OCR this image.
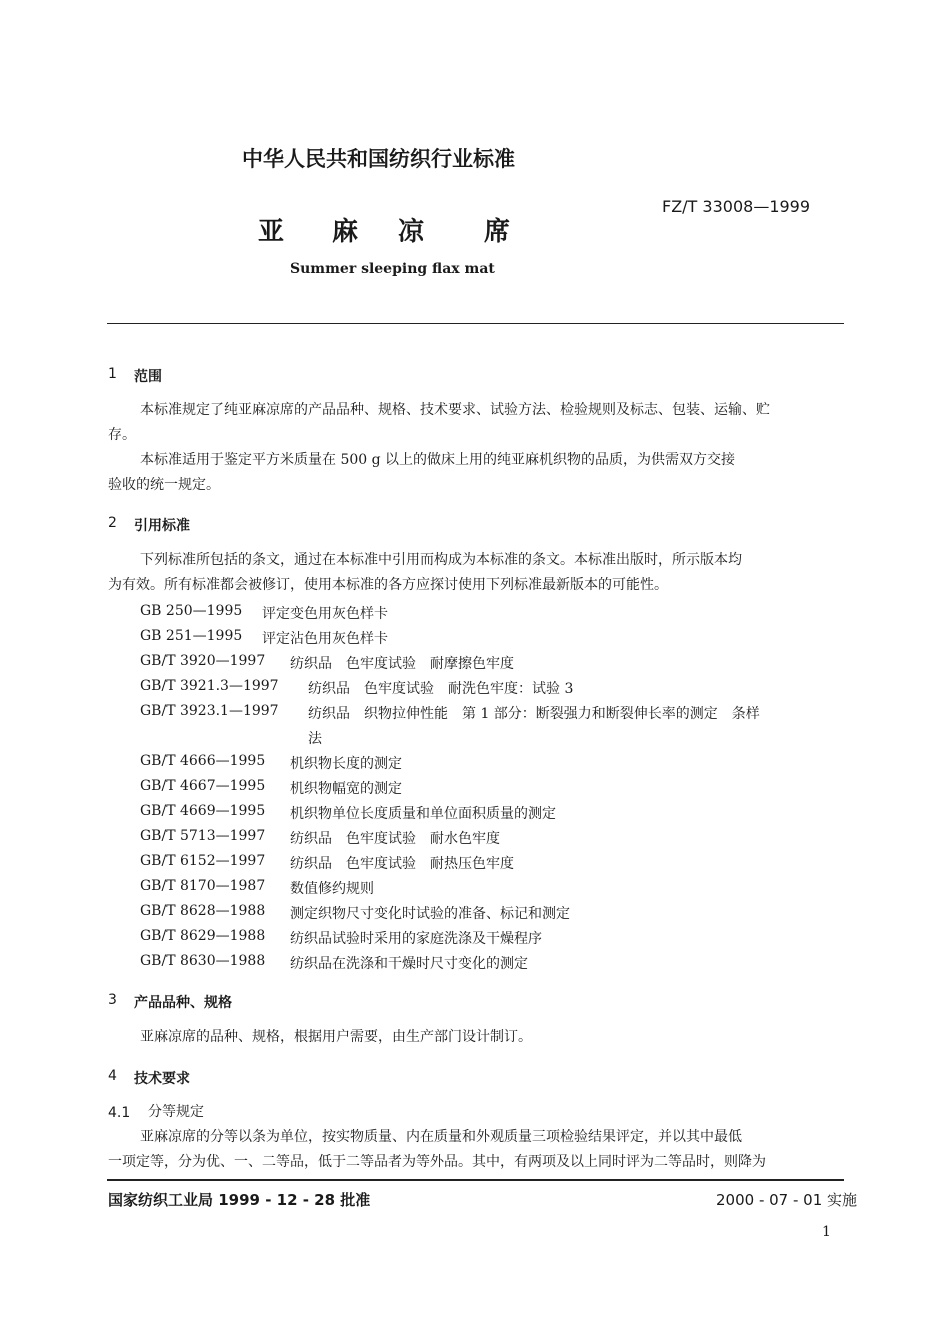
中华人民共和国纺织行业标准
FZ/T 33008—1999
亚 麻 凉 席
Summer sleeping flax mat
1 范围
本标准规定了纯亚麻凉席的产品品种、规格、技术要求、试验方法、检验规则及标志、包装、运输、贮
存。
本标准适用于鉴定平方米质量在 500 g 以上的做床上用的纯亚麻机织物的品质，为供需双方交接
验收的统一规定。
2 引用标准
下列标准所包括的条文，通过在本标准中引用而构成为本标准的条文。本标准出版时，所示版本均
为有效。所有标准都会被修订，使用本标准的各方应探讨使用下列标准最新版本的可能性。
GB 250—1995 评定变色用灰色样卡
GB 251—1995 评定沾色用灰色样卡
GB/T 3920—1997 纺织品　色牢度试验　耐摩擦色牢度
GB/T 3921.3—1997 纺织品　色牢度试验　耐洗色牢度：试验 3
GB/T 3923.1—1997 纺织品　织物拉伸性能　第 1 部分：断裂强力和断裂伸长率的测定　条样
法
GB/T 4666—1995 机织物长度的测定
GB/T 4667—1995 机织物幅宽的测定
GB/T 4669—1995 机织物单位长度质量和单位面积质量的测定
GB/T 5713—1997 纺织品　色牢度试验　耐水色牢度
GB/T 6152—1997 纺织品　色牢度试验　耐热压色牢度
GB/T 8170—1987 数值修约规则
GB/T 8628—1988 测定织物尺寸变化时试验的准备、标记和测定
GB/T 8629—1988 纺织品试验时采用的家庭洗涤及干燥程序
GB/T 8630—1988 纺织品在洗涤和干燥时尺寸变化的测定
3 产品品种、规格
亚麻凉席的品种、规格，根据用户需要，由生产部门设计制订。
4 技术要求
4.1 分等规定
亚麻凉席的分等以条为单位，按实物质量、内在质量和外观质量三项检验结果评定，并以其中最低
一项定等，分为优、一、二等品，低于二等品者为等外品。其中，有两项及以上同时评为二等品时，则降为
国家纺织工业局 1999 - 12 - 28 批准	2000 - 07 - 01 实施
1
